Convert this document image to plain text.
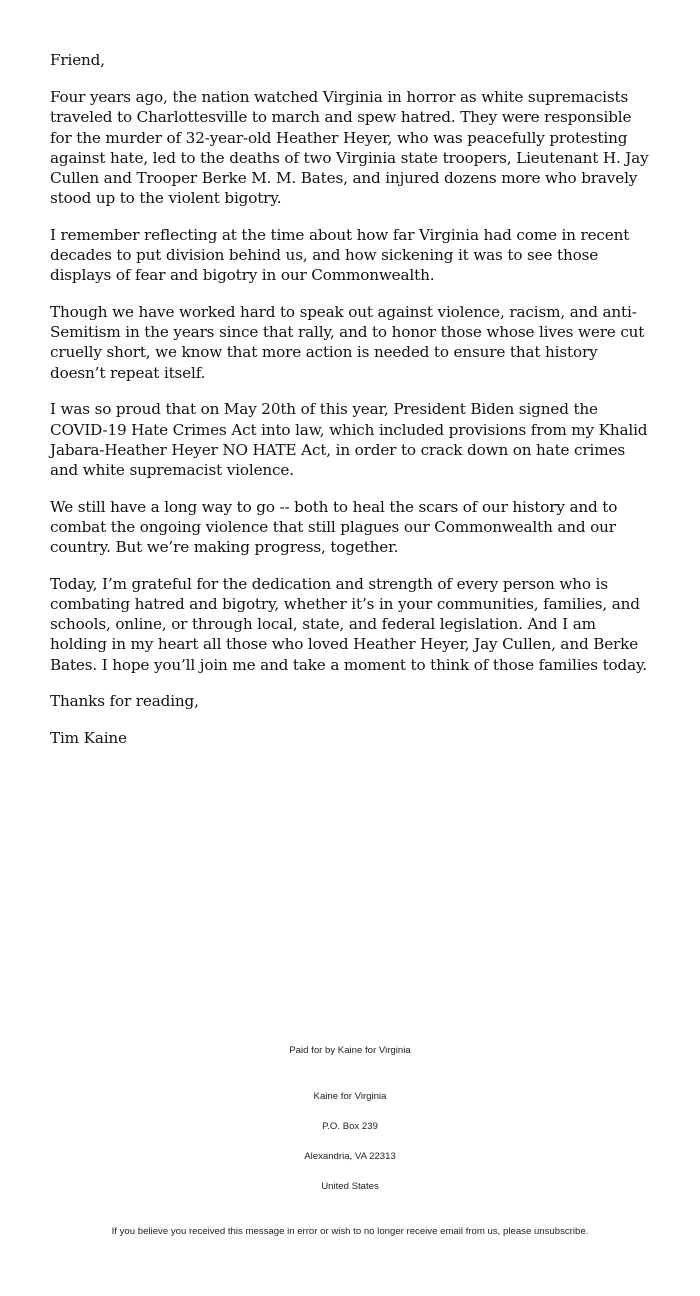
Friend,

Four years ago, the nation watched Virginia in horror as white supremacists traveled to Charlottesville to march and spew hatred. They were responsible for the murder of 32-year-old Heather Heyer, who was peacefully protesting against hate, led to the deaths of two Virginia state troopers, Lieutenant H. Jay Cullen and Trooper Berke M. M. Bates, and injured dozens more who bravely stood up to the violent bigotry.

I remember reflecting at the time about how far Virginia had come in recent decades to put division behind us, and how sickening it was to see those displays of fear and bigotry in our Commonwealth.

Though we have worked hard to speak out against violence, racism, and anti-Semitism in the years since that rally, and to honor those whose lives were cut cruelly short, we know that more action is needed to ensure that history doesn’t repeat itself.

I was so proud that on May 20th of this year, President Biden signed the COVID-19 Hate Crimes Act into law, which included provisions from my Khalid Jabara-Heather Heyer NO HATE Act, in order to crack down on hate crimes and white supremacist violence.

We still have a long way to go -- both to heal the scars of our history and to combat the ongoing violence that still plagues our Commonwealth and our country. But we’re making progress, together.

Today, I’m grateful for the dedication and strength of every person who is combating hatred and bigotry, whether it’s in your communities, families, and schools, online, or through local, state, and federal legislation. And I am holding in my heart all those who loved Heather Heyer, Jay Cullen, and Berke Bates. I hope you’ll join me and take a moment to think of those families today.

Thanks for reading,

Tim Kaine

Paid for by Kaine for Virginia

Kaine for Virginia

P.O. Box 239

Alexandria, VA 22313

United States

If you believe you received this message in error or wish to no longer receive email from us, please unsubscribe.
